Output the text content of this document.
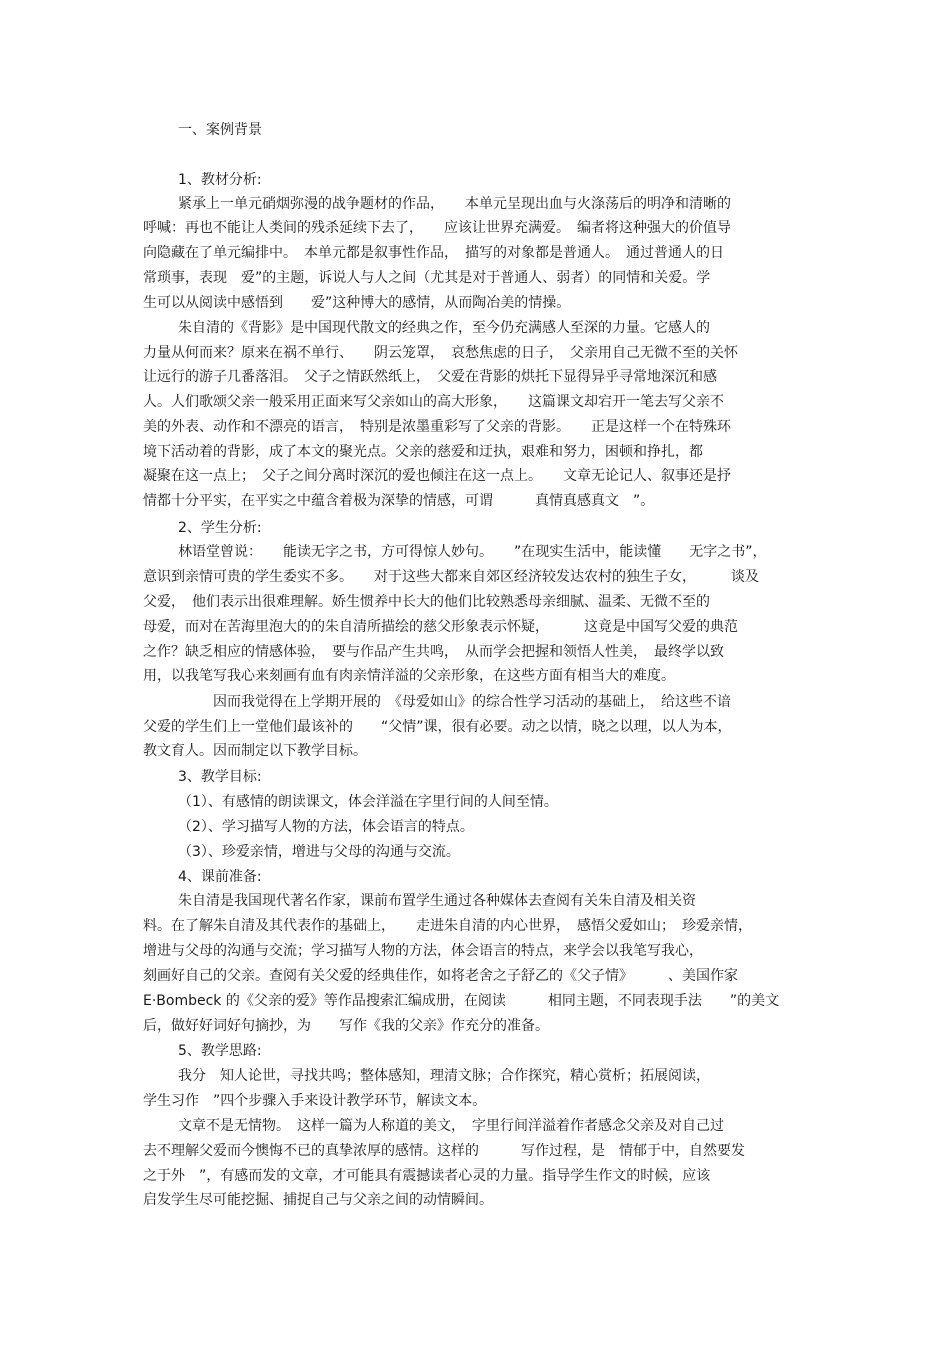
一、案例背景
1、教材分析:
紧承上一单元硝烟弥漫的战争题材的作品，　　本单元呈现出血与火涤荡后的明净和清晰的
呼喊：再也不能让人类间的残杀延续下去了，　　应该让世界充满爱。　编者将这种强大的价值导
向隐藏在了单元编排中。　本单元都是叙事性作品，　描写的对象都是普通人。　通过普通人的日
常琐事，表现　爱”的主题，诉说人与人之间（尤其是对于普通人、弱者）的同情和关爱。学
生可以从阅读中感悟到　　爱”这种博大的感情，从而陶冶美的情操。
朱自清的《背影》是中国现代散文的经典之作，至今仍充满感人至深的力量。它感人的
力量从何而来？原来在祸不单行、　　阴云笼罩，　哀愁焦虑的日子，　父亲用自己无微不至的关怀
让远行的游子几番落泪。　父子之情跃然纸上，　父爱在背影的烘托下显得异乎寻常地深沉和感
人。人们歌颂父亲一般采用正面来写父亲如山的高大形象，　　这篇课文却宕开一笔去写父亲不
美的外表、动作和不漂亮的语言，　特别是浓墨重彩写了父亲的背影。　　正是这样一个在特殊环
境下活动着的背影，成了本文的聚光点。父亲的慈爱和迂执，艰难和努力，困顿和挣扎，都
凝聚在这一点上；　父子之间分离时深沉的爱也倾注在这一点上。　　文章无论记人、叙事还是抒
情都十分平实，在平实之中蕴含着极为深挚的情感，可谓　　　真情真感真文　”。
2、学生分析:
林语堂曾说：　　能读无字之书，方可得惊人妙句。　　”在现实生活中，能读懂　　无字之书”，
意识到亲情可贵的学生委实不多。　　对于这些大都来自郊区经济较发达农村的独生子女，　　　谈及
父爱，　他们表示出很难理解。娇生惯养中长大的他们比较熟悉母亲细腻、温柔、无微不至的
母爱，而对在苦海里泡大的的朱自清所描绘的慈父形象表示怀疑，　　　这竟是中国写父爱的典范
之作？缺乏相应的情感体验，　要与作品产生共鸣，　从而学会把握和领悟人性美，　最终学以致
用，以我笔写我心来刻画有血有肉亲情洋溢的父亲形象，在这些方面有相当大的难度。
因而我觉得在上学期开展的　《母爱如山》的综合性学习活动的基础上，　给这些不谙
父爱的学生们上一堂他们最该补的　　“父情”课，很有必要。动之以情，晓之以理，以人为本，
教文育人。因而制定以下教学目标。
3、教学目标:
（1）、有感情的朗读课文，体会洋溢在字里行间的人间至情。
（2）、学习描写人物的方法，体会语言的特点。
（3）、珍爱亲情，增进与父母的沟通与交流。
4、课前准备:
朱自清是我国现代著名作家，课前布置学生通过各种媒体去查阅有关朱自清及相关资
料。在了解朱自清及其代表作的基础上，　　走进朱自清的内心世界，　感悟父爱如山；　珍爱亲情，
增进与父母的沟通与交流；学习描写人物的方法，体会语言的特点，来学会以我笔写我心，
刻画好自己的父亲。查阅有关父爱的经典佳作，如将老舍之子舒乙的《父子情》　　　、美国作家
E·Bombeck 的《父亲的爱》等作品搜索汇编成册，在阅读　　　相同主题，不同表现手法　　”的美文
后，做好好词好句摘抄，为　　写作《我的父亲》作充分的准备。
5、教学思路:
我分　知人论世，寻找共鸣；整体感知，理清文脉；合作探究，精心赏析；拓展阅读，
学生习作　”四个步骤入手来设计教学环节，解读文本。
文章不是无情物。　这样一篇为人称道的美文，　字里行间洋溢着作者感念父亲及对自己过
去不理解父爱而今懊悔不已的真挚浓厚的感情。这样的　　　写作过程，是　情郁于中，自然要发
之于外　”，有感而发的文章，才可能具有震撼读者心灵的力量。指导学生作文的时候，应该
启发学生尽可能挖掘、捕捉自己与父亲之间的动情瞬间。
